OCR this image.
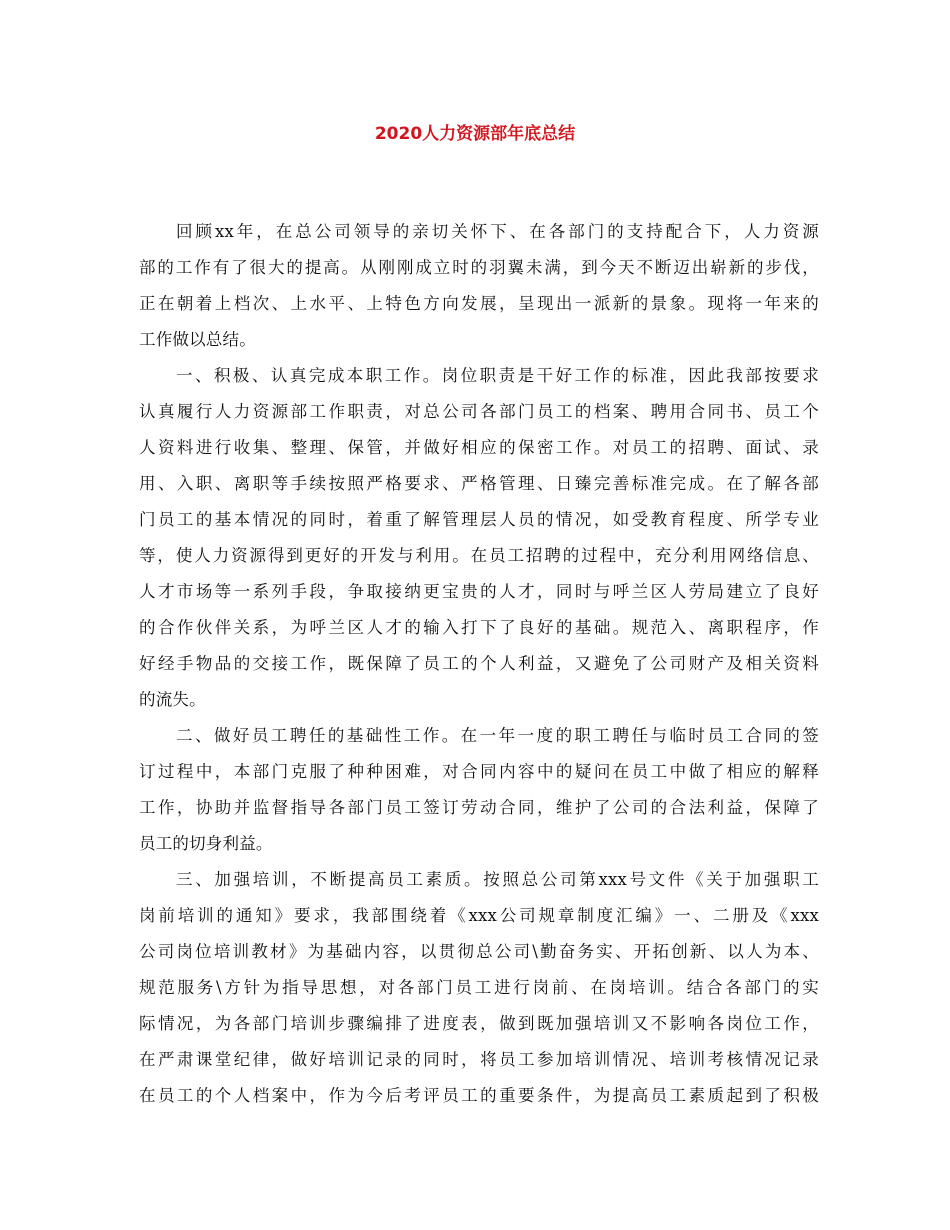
2020人力资源部年底总结
回顾xx年，在总公司领导的亲切关怀下、在各部门的支持配合下，人力资源
部的工作有了很大的提高。从刚刚成立时的羽翼未满，到今天不断迈出崭新的步伐，
正在朝着上档次、上水平、上特色方向发展，呈现出一派新的景象。现将一年来的
工作做以总结。
一、积极、认真完成本职工作。岗位职责是干好工作的标准，因此我部按要求
认真履行人力资源部工作职责，对总公司各部门员工的档案、聘用合同书、员工个
人资料进行收集、整理、保管，并做好相应的保密工作。对员工的招聘、面试、录
用、入职、离职等手续按照严格要求、严格管理、日臻完善标准完成。在了解各部
门员工的基本情况的同时，着重了解管理层人员的情况，如受教育程度、所学专业
等，使人力资源得到更好的开发与利用。在员工招聘的过程中，充分利用网络信息、
人才市场等一系列手段，争取接纳更宝贵的人才，同时与呼兰区人劳局建立了良好
的合作伙伴关系，为呼兰区人才的输入打下了良好的基础。规范入、离职程序，作
好经手物品的交接工作，既保障了员工的个人利益，又避免了公司财产及相关资料
的流失。
二、做好员工聘任的基础性工作。在一年一度的职工聘任与临时员工合同的签
订过程中，本部门克服了种种困难，对合同内容中的疑问在员工中做了相应的解释
工作，协助并监督指导各部门员工签订劳动合同，维护了公司的合法利益，保障了
员工的切身利益。
三、加强培训，不断提高员工素质。按照总公司第xxx号文件《关于加强职工
岗前培训的通知》要求，我部围绕着《xxx公司规章制度汇编》一、二册及《xxx
公司岗位培训教材》为基础内容，以贯彻总公司\勤奋务实、开拓创新、以人为本、
规范服务\方针为指导思想，对各部门员工进行岗前、在岗培训。结合各部门的实
际情况，为各部门培训步骤编排了进度表，做到既加强培训又不影响各岗位工作，
在严肃课堂纪律，做好培训记录的同时，将员工参加培训情况、培训考核情况记录
在员工的个人档案中，作为今后考评员工的重要条件，为提高员工素质起到了积极
